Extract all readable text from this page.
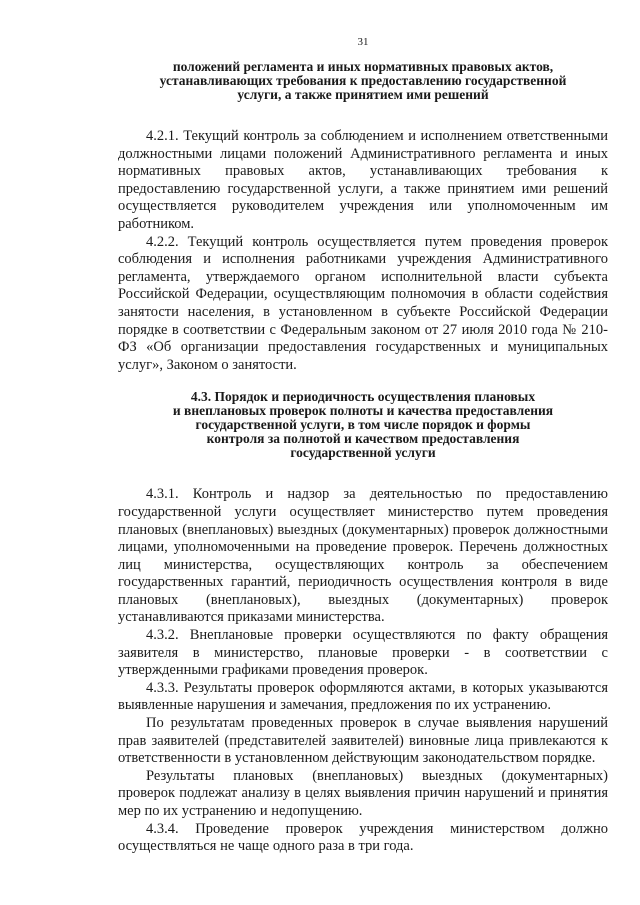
31
положений регламента и иных нормативных правовых актов,
устанавливающих требования к предоставлению государственной
услуги, а также принятием ими решений

4.2.1. Текущий контроль за соблюдением и исполнением ответственными должностными лицами положений Административного регламента и иных нормативных правовых актов, устанавливающих требования к предоставлению государственной услуги, а также принятием ими решений осуществляется руководителем учреждения или уполномоченным им работником.

4.2.2. Текущий контроль осуществляется путем проведения проверок соблюдения и исполнения работниками учреждения Административного регламента, утверждаемого органом исполнительной власти субъекта Российской Федерации, осуществляющим полномочия в области содействия занятости населения, в установленном в субъекте Российской Федерации порядке в соответствии с Федеральным законом от 27 июля 2010 года № 210-ФЗ «Об организации предоставления государственных и муниципальных услуг», Законом о занятости.

4.3. Порядок и периодичность осуществления плановых
и внеплановых проверок полноты и качества предоставления
государственной услуги, в том числе порядок и формы
контроля за полнотой и качеством предоставления
государственной услуги

4.3.1. Контроль и надзор за деятельностью по предоставлению государственной услуги осуществляет министерство путем проведения плановых (внеплановых) выездных (документарных) проверок должностными лицами, уполномоченными на проведение проверок. Перечень должностных лиц министерства, осуществляющих контроль за обеспечением государственных гарантий, периодичность осуществления контроля в виде плановых (внеплановых), выездных (документарных) проверок устанавливаются приказами министерства.

4.3.2. Внеплановые проверки осуществляются по факту обращения заявителя в министерство, плановые проверки - в соответствии с утвержденными графиками проведения проверок.

4.3.3. Результаты проверок оформляются актами, в которых указываются выявленные нарушения и замечания, предложения по их устранению.

По результатам проведенных проверок в случае выявления нарушений прав заявителей (представителей заявителей) виновные лица привлекаются к ответственности в установленном действующим законодательством порядке.

Результаты плановых (внеплановых) выездных (документарных) проверок подлежат анализу в целях выявления причин нарушений и принятия мер по их устранению и недопущению.

4.3.4. Проведение проверок учреждения министерством должно осуществляться не чаще одного раза в три года.
